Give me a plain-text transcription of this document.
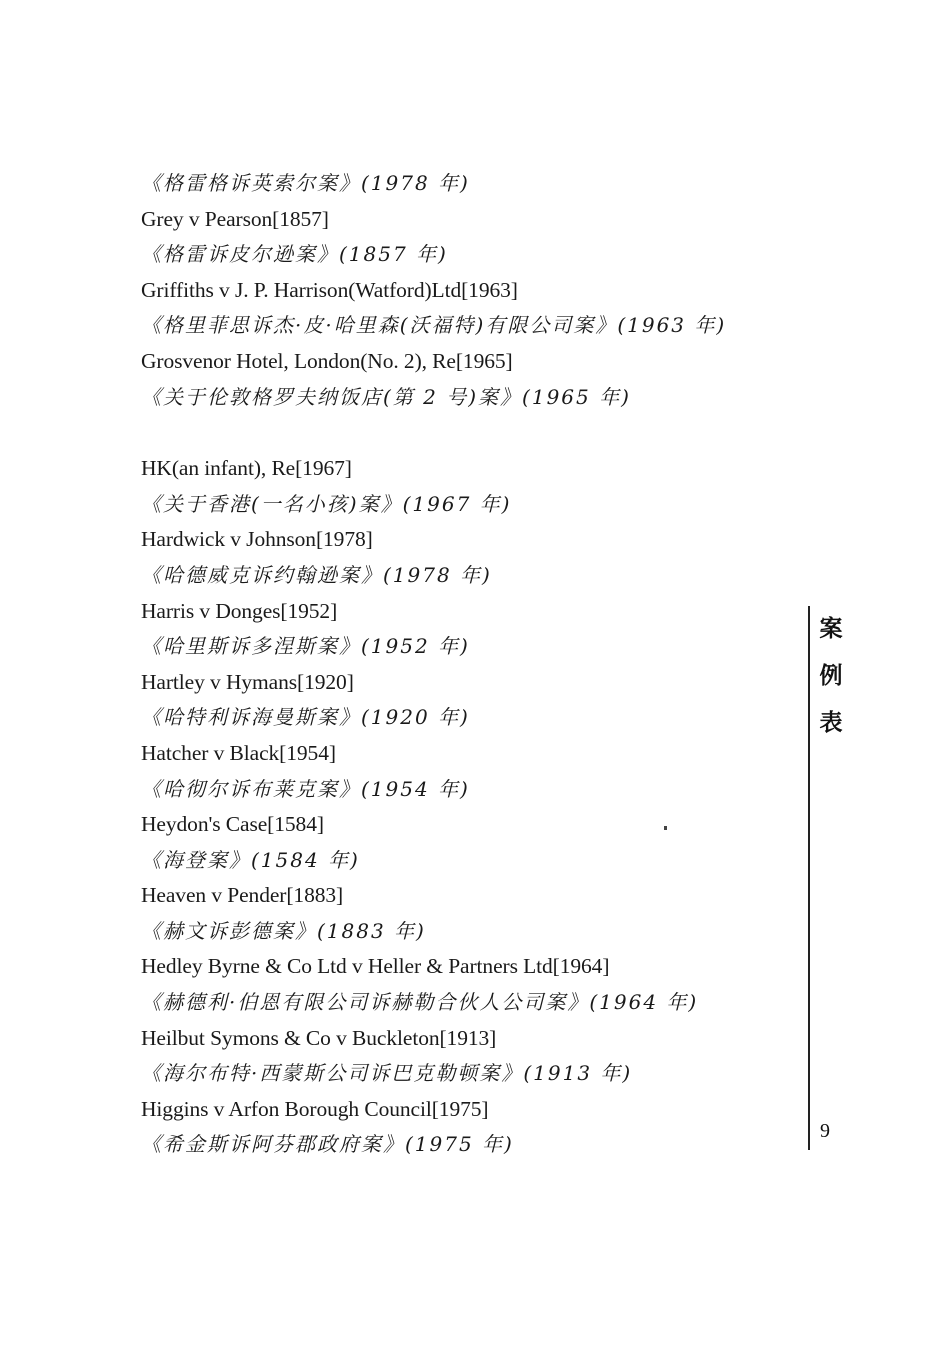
《格雷格诉英索尔案》(1978 年)
Grey v Pearson[1857]
《格雷诉皮尔逊案》(1857 年)
Griffiths v J. P. Harrison(Watford)Ltd[1963]
《格里菲思诉杰·皮·哈里森(沃福特)有限公司案》(1963 年)
Grosvenor Hotel, London(No. 2), Re[1965]
《关于伦敦格罗夫纳饭店(第 2 号)案》(1965 年)
HK(an infant), Re[1967]
《关于香港(一名小孩)案》(1967 年)
Hardwick v Johnson[1978]
《哈德威克诉约翰逊案》(1978 年)
Harris v Donges[1952]
《哈里斯诉多涅斯案》(1952 年)
Hartley v Hymans[1920]
《哈特利诉海曼斯案》(1920 年)
Hatcher v Black[1954]
《哈彻尔诉布莱克案》(1954 年)
Heydon's Case[1584]
《海登案》(1584 年)
Heaven v Pender[1883]
《赫文诉彭德案》(1883 年)
Hedley Byrne & Co Ltd v Heller & Partners Ltd[1964]
《赫德利·伯恩有限公司诉赫勒合伙人公司案》(1964 年)
Heilbut Symons & Co v Buckleton[1913]
《海尔布特·西蒙斯公司诉巴克勒顿案》(1913 年)
Higgins v Arfon Borough Council[1975]
《希金斯诉阿芬郡政府案》(1975 年)
案
例
表
9
